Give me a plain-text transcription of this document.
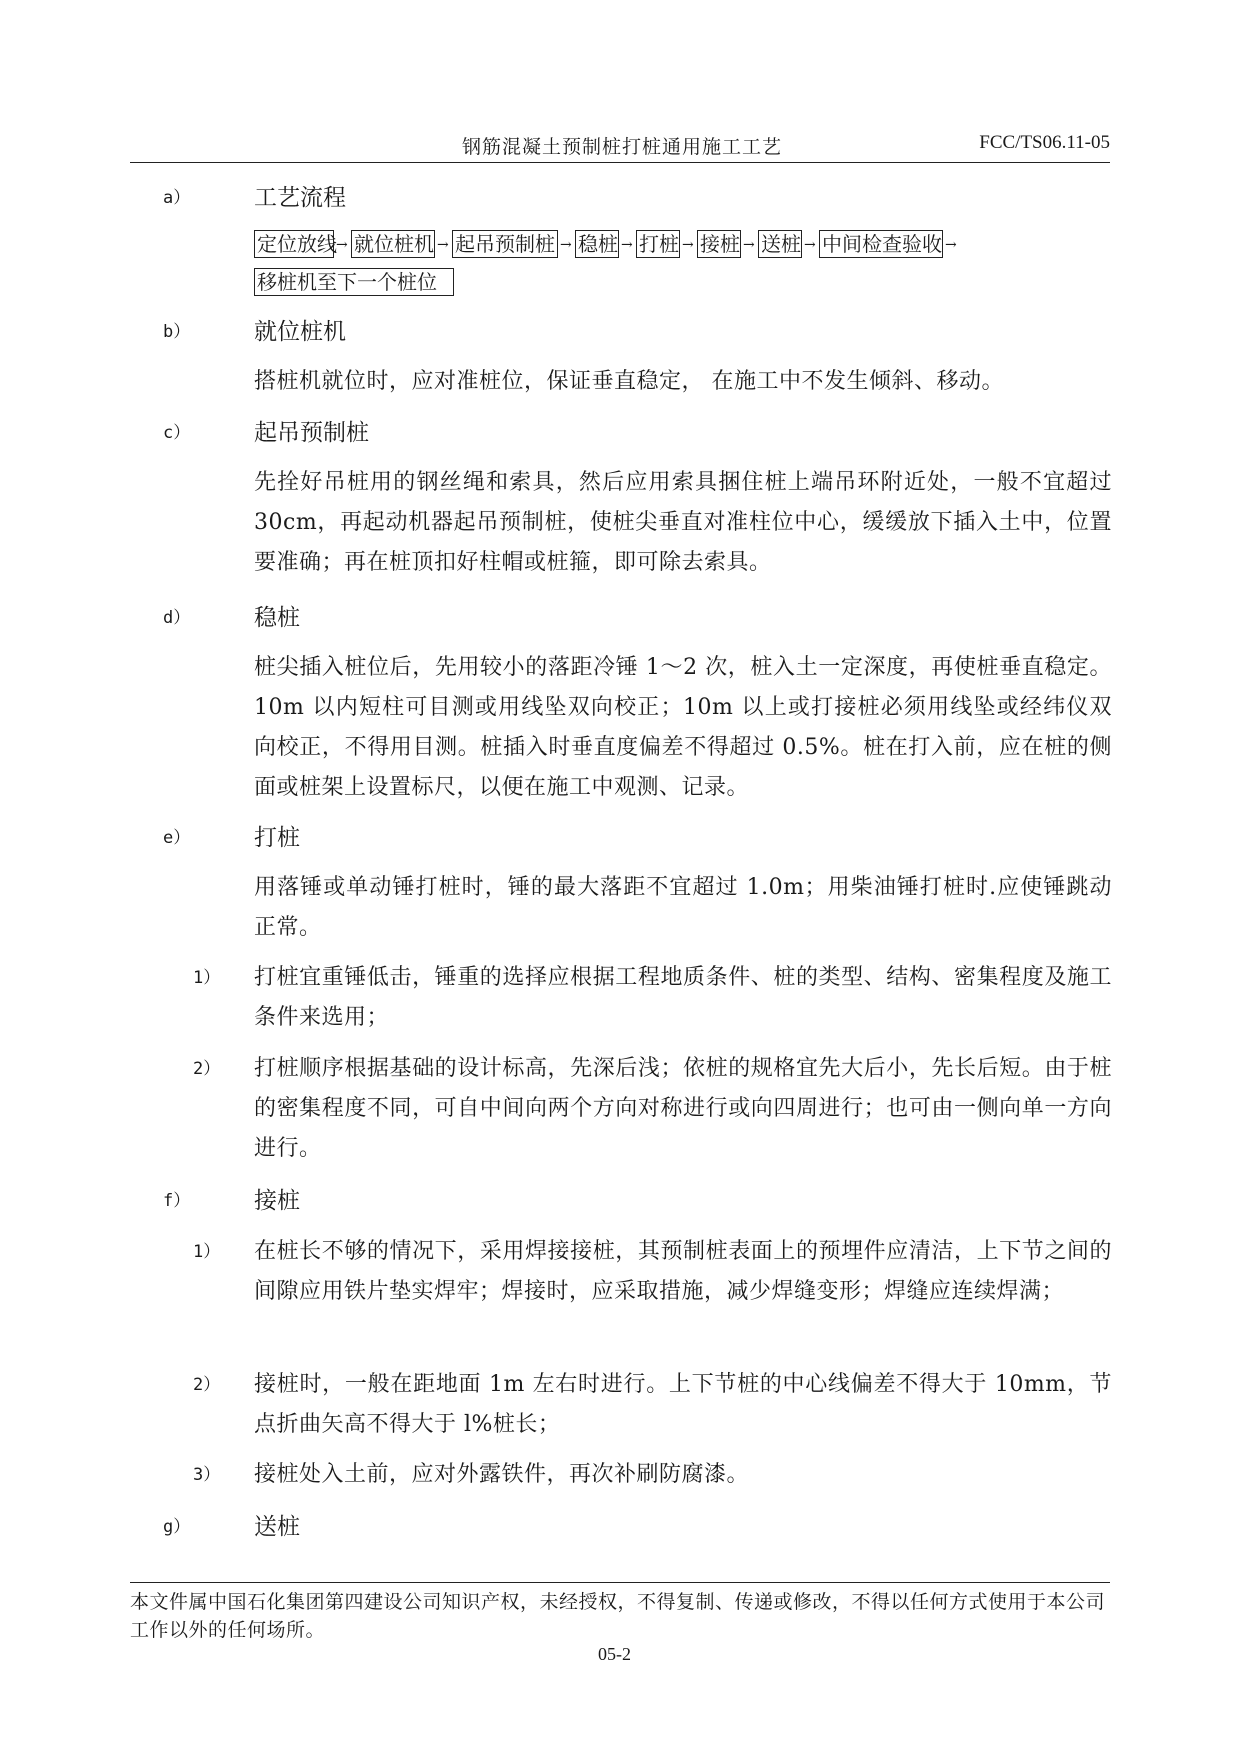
钢筋混凝土预制桩打桩通用施工工艺	FCC/TS06.11-05
a）	工艺流程
定位放线 → 就位桩机 → 起吊预制桩 → 稳桩 → 打桩 → 接桩 → 送桩 → 中间检查验收 →
移桩机至下一个桩位
b）	就位桩机
搭桩机就位时，应对准桩位，保证垂直稳定， 在施工中不发生倾斜、移动。
c）	起吊预制桩
先拴好吊桩用的钢丝绳和索具，然后应用索具捆住桩上端吊环附近处，一般不宜超过 30cm，再起动机器起吊预制桩，使桩尖垂直对准柱位中心，缓缓放下插入土中，位置要准确；再在桩顶扣好柱帽或桩箍，即可除去索具。
d）	稳桩
桩尖插入桩位后，先用较小的落距冷锤 1～2 次，桩入土一定深度，再使桩垂直稳定。10m 以内短柱可目测或用线坠双向校正；10m 以上或打接桩必须用线坠或经纬仪双向校正，不得用目测。桩插入时垂直度偏差不得超过 0.5%。桩在打入前，应在桩的侧面或桩架上设置标尺，以便在施工中观测、记录。
e）	打桩
用落锤或单动锤打桩时，锤的最大落距不宜超过 1.0m；用柴油锤打桩时.应使锤跳动正常。
1） 打桩宜重锤低击，锤重的选择应根据工程地质条件、桩的类型、结构、密集程度及施工条件来选用；
2） 打桩顺序根据基础的设计标高，先深后浅；依桩的规格宜先大后小，先长后短。由于桩的密集程度不同，可自中间向两个方向对称进行或向四周进行；也可由一侧向单一方向进行。
f）	接桩
1） 在桩长不够的情况下，采用焊接接桩，其预制桩表面上的预埋件应清洁，上下节之间的间隙应用铁片垫实焊牢；焊接时，应采取措施，减少焊缝变形；焊缝应连续焊满；
2） 接桩时，一般在距地面 1m 左右时进行。上下节桩的中心线偏差不得大于 10mm，节点折曲矢高不得大于 l%桩长；
3） 接桩处入土前，应对外露铁件，再次补刷防腐漆。
g）	送桩
本文件属中国石化集团第四建设公司知识产权，未经授权，不得复制、传递或修改，不得以任何方式使用于本公司工作以外的任何场所。
05-2
